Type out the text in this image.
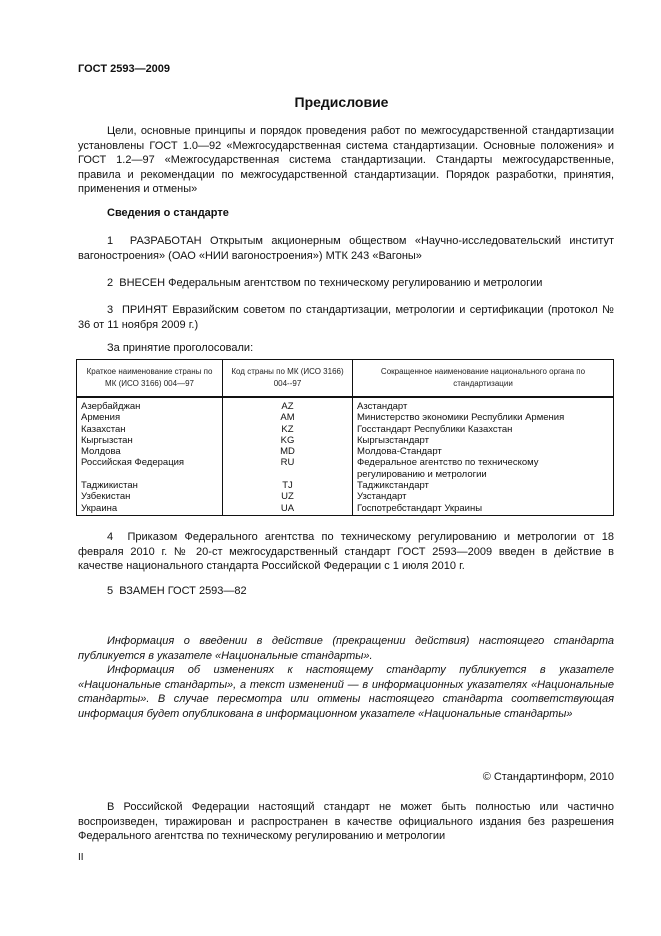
ГОСТ 2593—2009
Предисловие
Цели, основные принципы и порядок проведения работ по межгосударственной стандартизации установлены ГОСТ 1.0—92 «Межгосударственная система стандартизации. Основные положения» и ГОСТ 1.2—97 «Межгосударственная система стандартизации. Стандарты межгосударственные, правила и рекомендации по межгосударственной стандартизации. Порядок разработки, принятия, применения и отмены»
Сведения о стандарте
1 РАЗРАБОТАН Открытым акционерным обществом «Научно-исследовательский институт вагоностроения» (ОАО «НИИ вагоностроения») МТК 243 «Вагоны»
2 ВНЕСЕН Федеральным агентством по техническому регулированию и метрологии
3 ПРИНЯТ Евразийским советом по стандартизации, метрологии и сертификации (протокол № 36 от 11 ноября 2009 г.)
За принятие проголосовали:
Краткое наименование страны по МК (ИСО 3166) 004—97	Код страны по МК (ИСО 3166) 004--97	Сокращенное наименование национального органа по стандартизации
Азербайджан	AZ	Азстандарт
Армения	AM	Министерство экономики Республики Армения
Казахстан	KZ	Госстандарт Республики Казахстан
Кыргызстан	KG	Кыргызстандарт
Молдова	MD	Молдова-Стандарт
Российская Федерация	RU	Федеральное агентство по техническому регулированию и метрологии
Таджикистан	TJ	Таджикстандарт
Узбекистан	UZ	Узстандарт
Украина	UA	Госпотребстандарт Украины
4 Приказом Федерального агентства по техническому регулированию и метрологии от 18 февраля 2010 г. № 20-ст межгосударственный стандарт ГОСТ 2593—2009 введен в действие в качестве национального стандарта Российской Федерации с 1 июля 2010 г.
5 ВЗАМЕН ГОСТ 2593—82
Информация о введении в действие (прекращении действия) настоящего стандарта публикуется в указателе «Национальные стандарты».
Информация об изменениях к настоящему стандарту публикуется в указателе «Национальные стандарты», а текст изменений — в информационных указателях «Национальные стандарты». В случае пересмотра или отмены настоящего стандарта соответствующая информация будет опубликована в информационном указателе «Национальные стандарты»
© Стандартинформ, 2010
В Российской Федерации настоящий стандарт не может быть полностью или частично воспроизведен, тиражирован и распространен в качестве официального издания без разрешения Федерального агентства по техническому регулированию и метрологии
II
